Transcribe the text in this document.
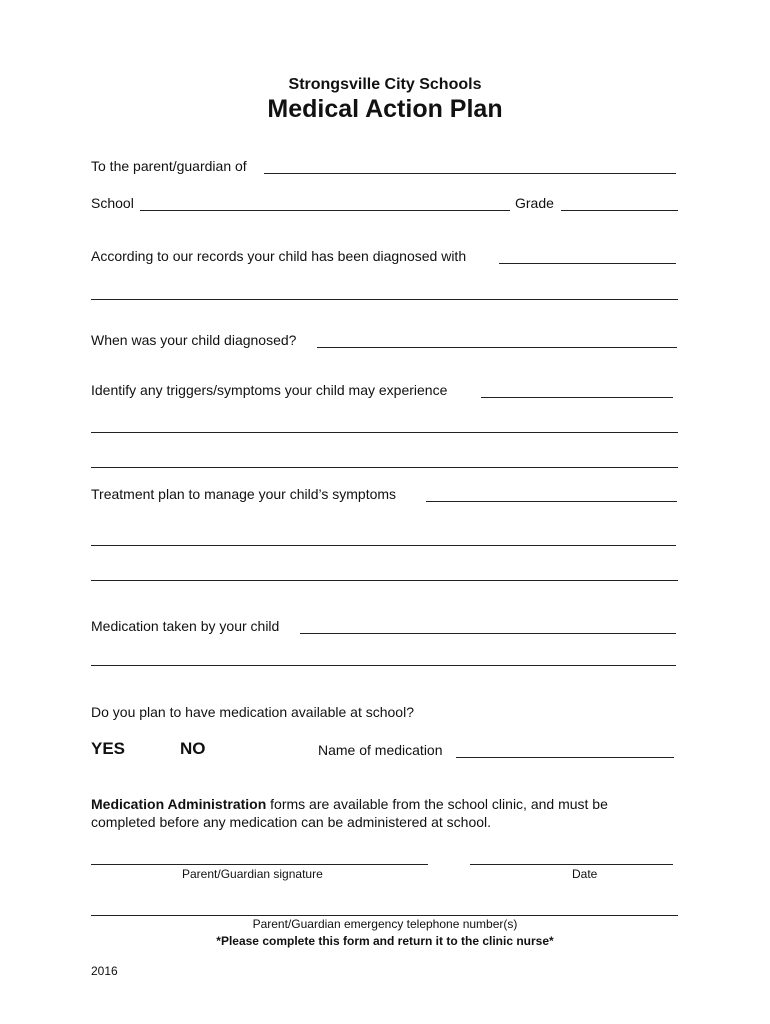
Strongsville City Schools
Medical Action Plan
To the parent/guardian of
School	Grade
According to our records your child has been diagnosed with
When was your child diagnosed?
Identify any triggers/symptoms your child may experience
Treatment plan to manage your child’s symptoms
Medication taken by your child
Do you plan to have medication available at school?
YES	NO	Name of medication
Medication Administration forms are available from the school clinic, and must be
completed before any medication can be administered at school.
Parent/Guardian signature	Date
Parent/Guardian emergency telephone number(s)
*Please complete this form and return it to the clinic nurse*
2016
